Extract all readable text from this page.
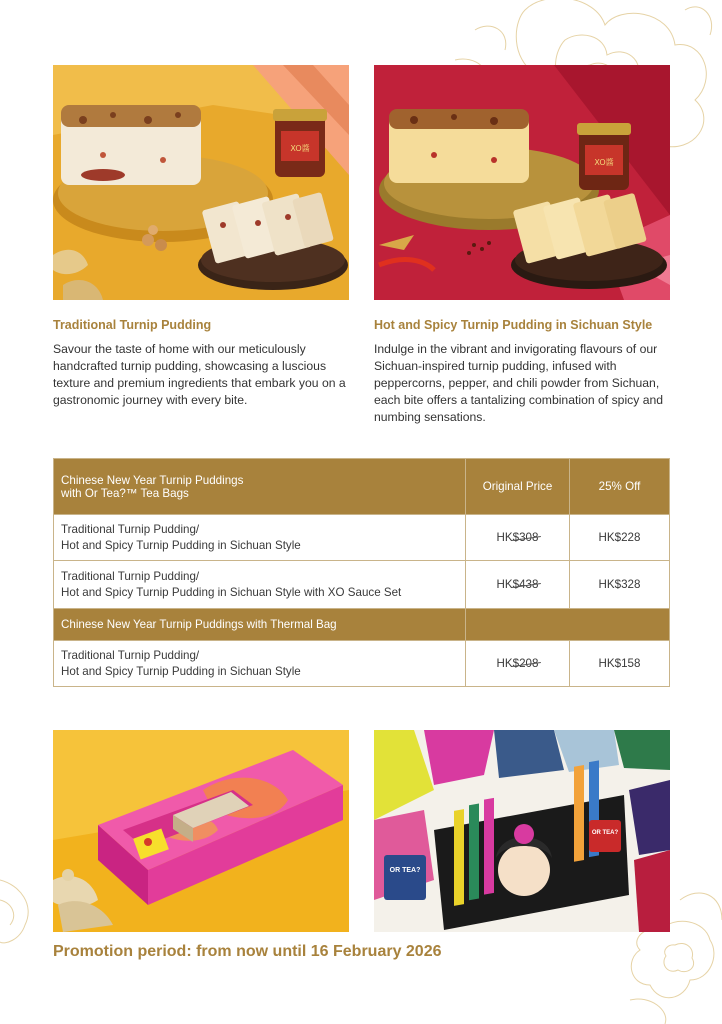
XO醬
XO醬
Traditional Turnip Pudding
Savour the taste of home with our meticulously handcrafted turnip pudding, showcasing a luscious texture and premium ingredients that embark you on a gastronomic journey with every bite.
Hot and Spicy Turnip Pudding in Sichuan Style
Indulge in the vibrant and invigorating flavours of our Sichuan-inspired turnip pudding, infused with peppercorns, pepper, and chili powder from Sichuan, each bite offers a tantalizing combination of spicy and numbing sensations.
Chinese New Year Turnip Puddings
with Or Tea?™ Tea Bags	Original Price	25% Off

Traditional Turnip Pudding/
Hot and Spicy Turnip Pudding in Sichuan Style	HK$308	HK$228

Traditional Turnip Pudding/
Hot and Spicy Turnip Pudding in Sichuan Style with XO Sauce Set	HK$438	HK$328
Chinese New Year Turnip Puddings with Thermal Bag		

Traditional Turnip Pudding/
Hot and Spicy Turnip Pudding in Sichuan Style	HK$208	HK$158
OR TEA?
OR TEA?
Promotion period: from now until 16 February 2026
